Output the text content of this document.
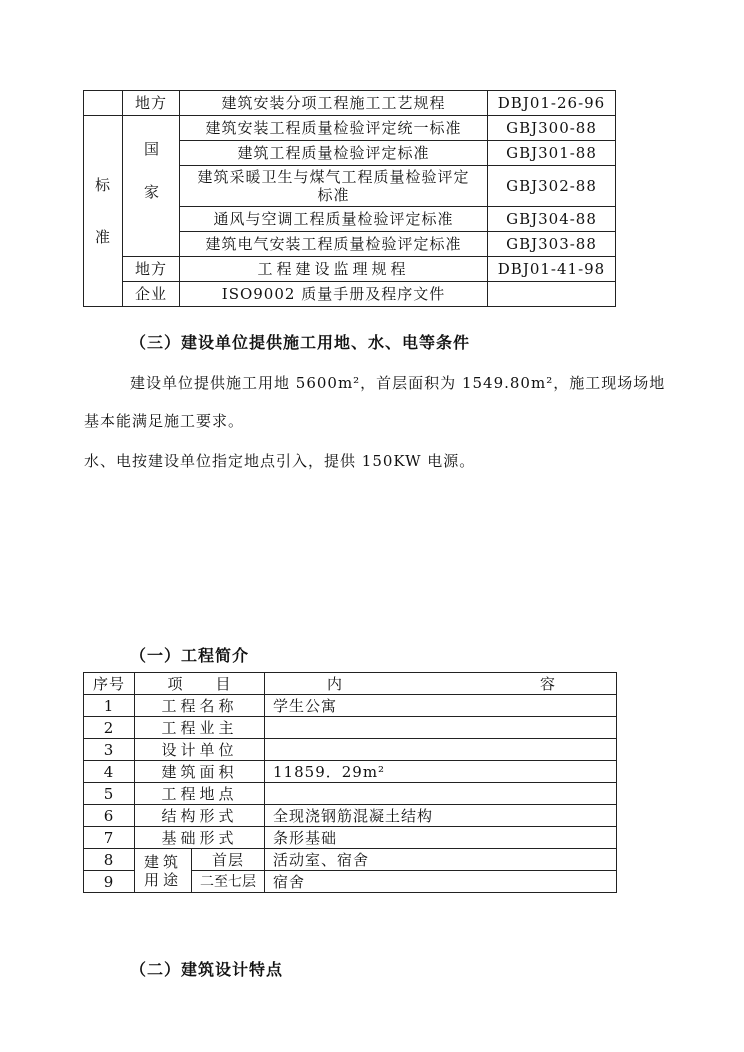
	地方	建筑安装分项工程施工工艺规程	DBJ01-26-96

标
准	国家	建筑安装工程质量检验评定统一标准	GBJ300-88
		建筑工程质量检验评定标准	GBJ301-88
		建筑采暖卫生与煤气工程质量检验评定标准	GBJ302-88
		通风与空调工程质量检验评定标准	GBJ304-88
		建筑电气安装工程质量检验评定标准	GBJ303-88
	地方	工程建设监理规程	DBJ01-41-98
	企业	ISO9002 质量手册及程序文件	
（三）建设单位提供施工用地、水、电等条件
建设单位提供施工用地 5600m²，首层面积为 1549.80m²，施工现场场地
基本能满足施工要求。
水、电按建设单位指定地点引入，提供 150KW 电源。
（一）工程简介
序号	项　　目		内 容

1	工程名称		学生公寓
2	工程业主		
3	设计单位		
4	建筑面积		11859．29m²
5	工程地点		
6	结构形式		全现浇钢筋混凝土结构
7	基础形式		条形基础
8	建筑用途	首层	活动室、宿舍
9		二至七层	宿舍
（二）建筑设计特点
